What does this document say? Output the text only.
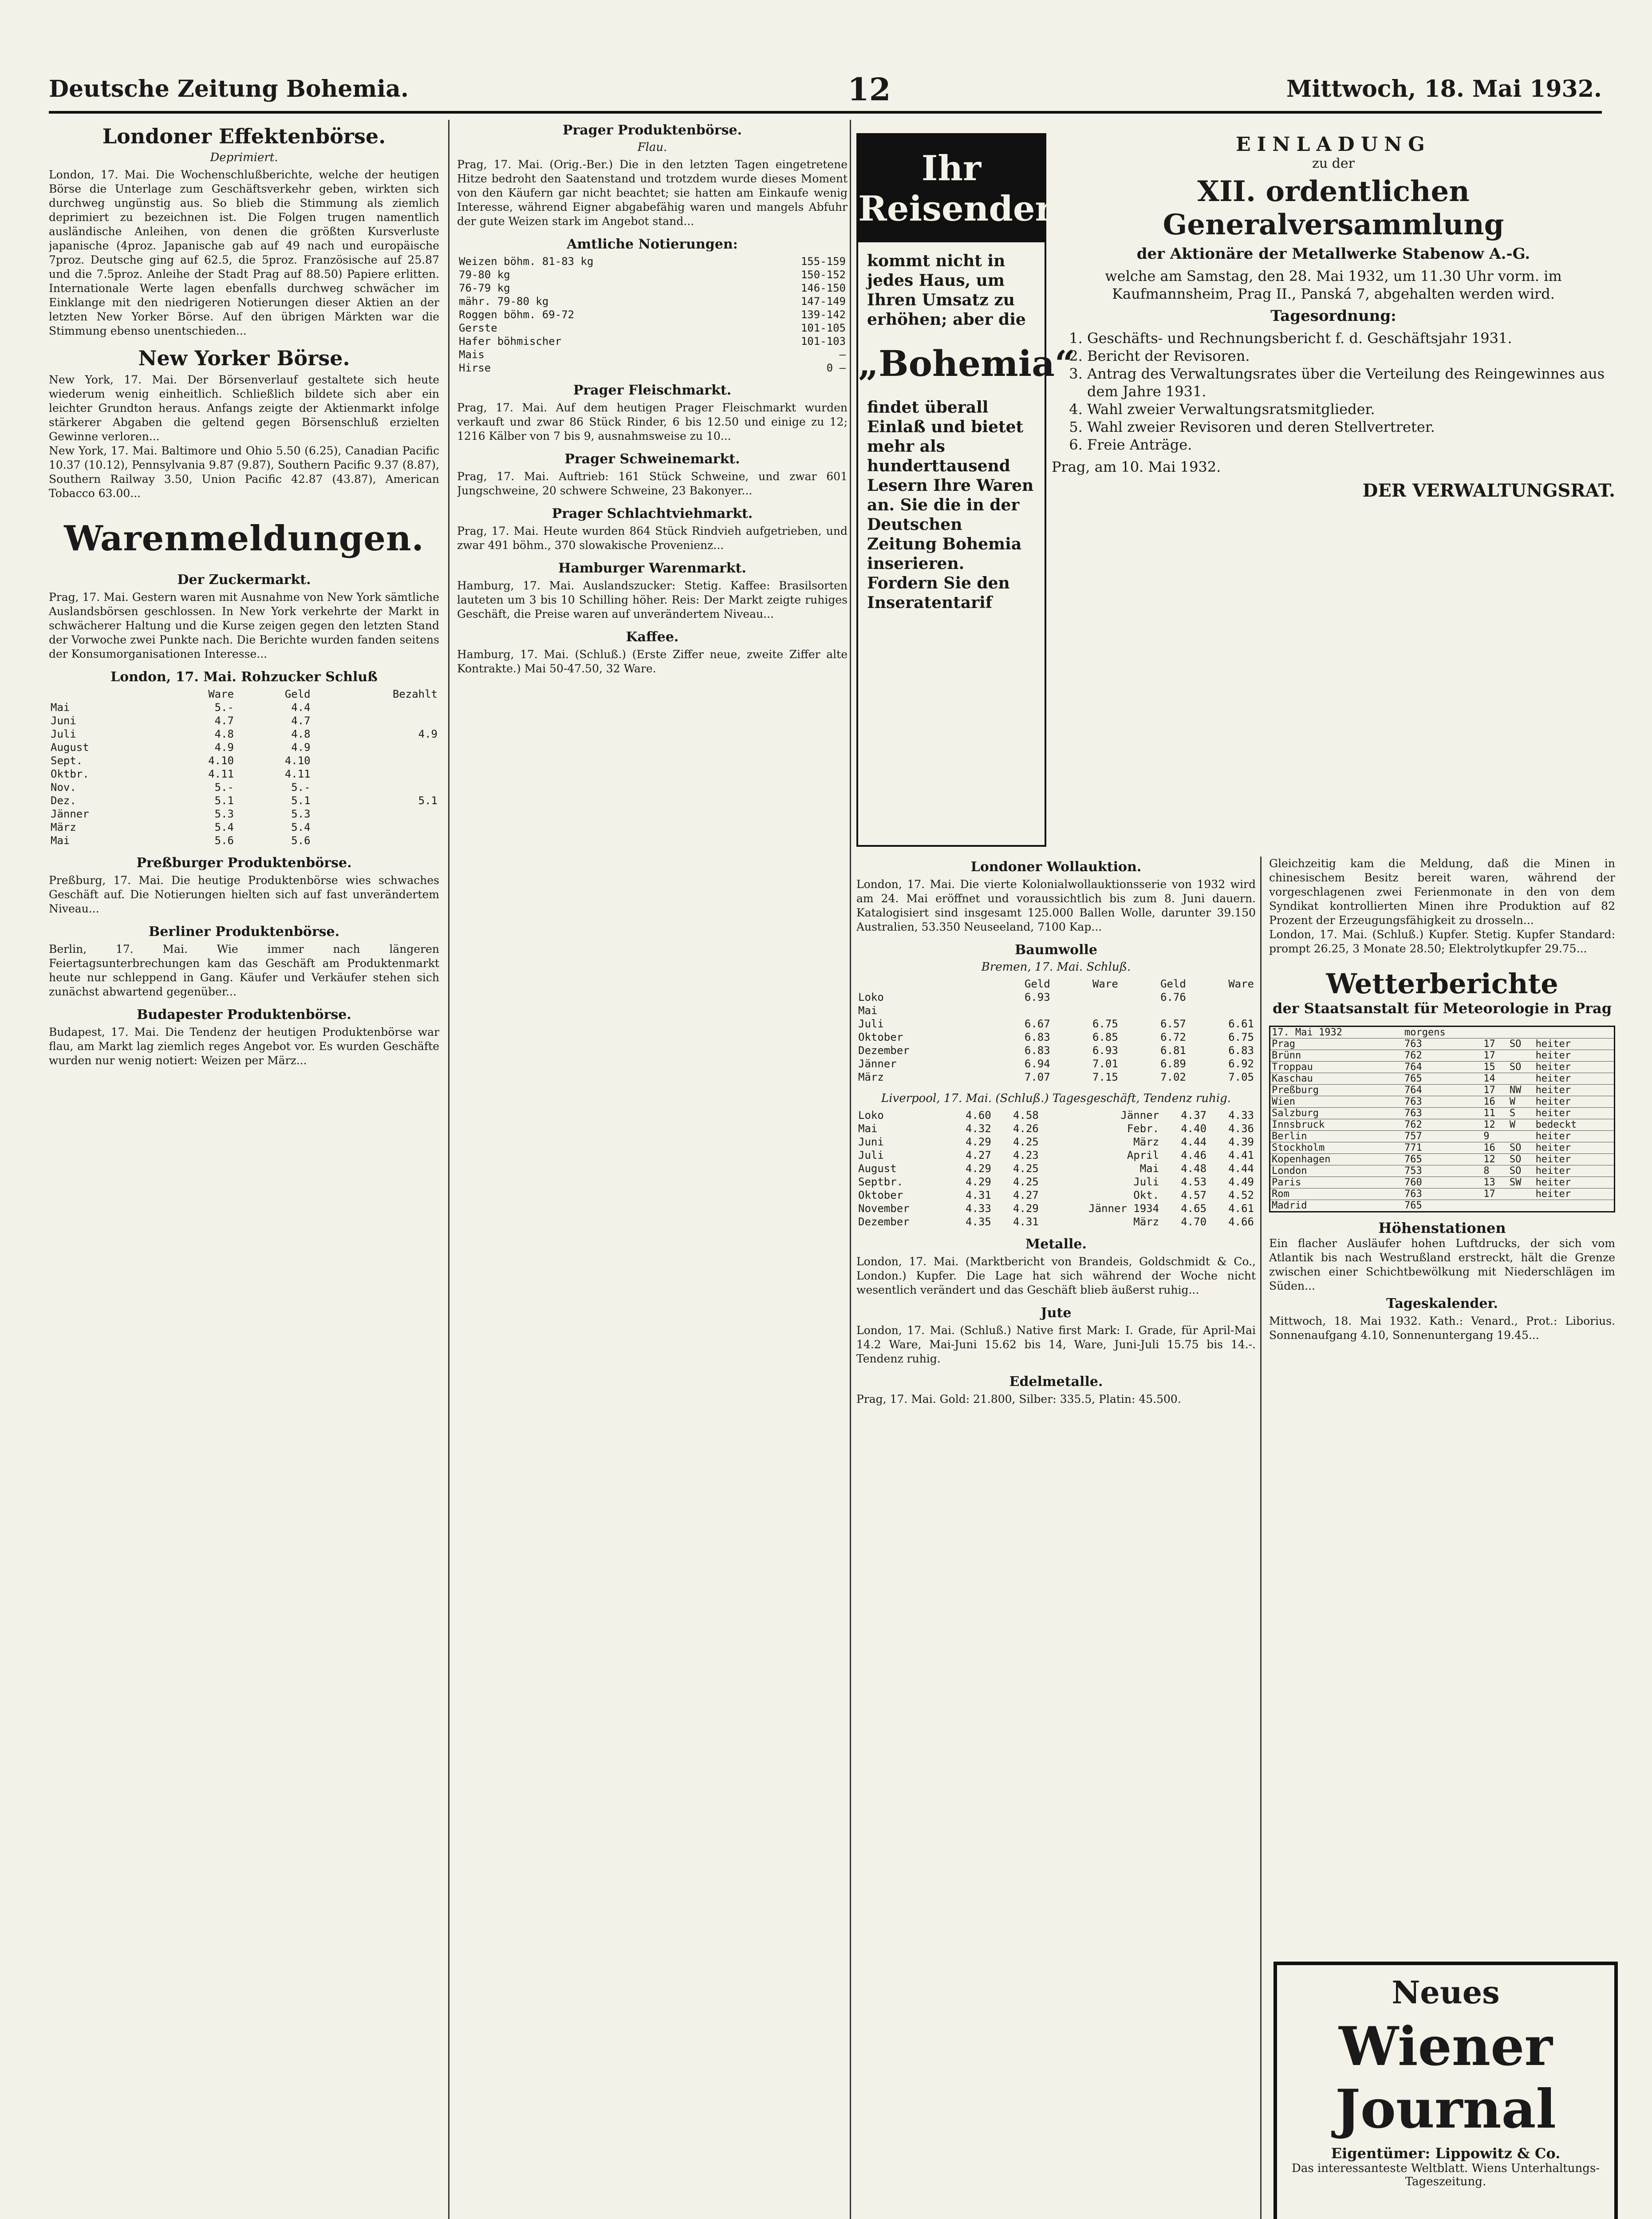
Deutsche Zeitung Bohemia.	12	Mittwoch, 18. Mai 1932.
Londoner Effektenbörse.
Deprimiert.

London, 17. Mai. Die Wochenschlußberichte, welche der heutigen Börse die Unterlage zum Geschäftsverkehr geben, wirkten sich durchweg ungünstig aus. So blieb die Stimmung als ziemlich deprimiert zu bezeichnen ist. Die Folgen trugen namentlich ausländische Anleihen, von denen die größten Kursverluste japanische (4proz. Japanische gab auf 49 nach und europäische 7proz. Deutsche ging auf 62.5, die 5proz. Französische auf 25.87 und die 7.5proz. Anleihe der Stadt Prag auf 88.50) Papiere erlitten. Internationale Werte lagen ebenfalls durchweg schwächer im Einklange mit den niedrigeren Notierungen dieser Aktien an der letzten New Yorker Börse. Auf den übrigen Märkten war die Stimmung ebenso unentschieden...

New Yorker Börse.

New York, 17. Mai. Der Börsenverlauf gestaltete sich heute wiederum wenig einheitlich. Schließlich bildete sich aber ein leichter Grundton heraus. Anfangs zeigte der Aktienmarkt infolge stärkerer Abgaben die geltend gegen Börsenschluß erzielten Gewinne verloren...

New York, 17. Mai. Baltimore und Ohio 5.50 (6.25), Canadian Pacific 10.37 (10.12), Pennsylvania 9.87 (9.87), Southern Pacific 9.37 (8.87), Southern Railway 3.50, Union Pacific 42.87 (43.87), American Tobacco 63.00...

Warenmeldungen.
Der Zuckermarkt.

Prag, 17. Mai. Gestern waren mit Ausnahme von New York sämtliche Auslandsbörsen geschlossen. In New York verkehrte der Markt in schwächerer Haltung und die Kurse zeigen gegen den letzten Stand der Vorwoche zwei Punkte nach. Die Berichte wurden fanden seitens der Konsumorganisationen Interesse...

London, 17. Mai. Rohzucker Schluß
	Ware	Geld	Bezahlt
Mai	5.-	4.4	
Juni	4.7	4.7	
Juli	4.8	4.8	4.9
August	4.9	4.9	
Sept.	4.10	4.10	
Oktbr.	4.11	4.11	
Nov.	5.-	5.-	
Dez.	5.1	5.1	5.1
Jänner	5.3	5.3	
März	5.4	5.4	
Mai	5.6	5.6	
Preßburger Produktenbörse.

Preßburg, 17. Mai. Die heutige Produktenbörse wies schwaches Geschäft auf. Die Notierungen hielten sich auf fast unverändertem Niveau...

Berliner Produktenbörse.

Berlin, 17. Mai. Wie immer nach längeren Feiertagsunterbrechungen kam das Geschäft am Produktenmarkt heute nur schleppend in Gang. Käufer und Verkäufer stehen sich zunächst abwartend gegenüber...

Budapester Produktenbörse.

Budapest, 17. Mai. Die Tendenz der heutigen Produktenbörse war flau, am Markt lag ziemlich reges Angebot vor. Es wurden Geschäfte wurden nur wenig notiert: Weizen per März...

Prager Produktenbörse.
Flau.

Prag, 17. Mai. (Orig.-Ber.) Die in den letzten Tagen eingetretene Hitze bedroht den Saatenstand und trotzdem wurde dieses Moment von den Käufern gar nicht beachtet; sie hatten am Einkaufe wenig Interesse, während Eigner abgabefähig waren und mangels Abfuhr der gute Weizen stark im Angebot stand...

Amtliche Notierungen:
Weizen böhm. 81-83 kg	155-159
79-80 kg	150-152
76-79 kg	146-150
mähr. 79-80 kg	147-149
Roggen böhm. 69-72	139-142
Gerste	101-105
Hafer böhmischer	101-103
Mais	—
Hirse	0 —
Prager Fleischmarkt.

Prag, 17. Mai. Auf dem heutigen Prager Fleischmarkt wurden verkauft und zwar 86 Stück Rinder, 6 bis 12.50 und einige zu 12; 1216 Kälber von 7 bis 9, ausnahmsweise zu 10...

Prager Schweinemarkt.

Prag, 17. Mai. Auftrieb: 161 Stück Schweine, und zwar 601 Jungschweine, 20 schwere Schweine, 23 Bakonyer...

Prager Schlachtviehmarkt.

Prag, 17. Mai. Heute wurden 864 Stück Rindvieh aufgetrieben, und zwar 491 böhm., 370 slowakische Provenienz...

Hamburger Warenmarkt.

Hamburg, 17. Mai. Auslandszucker: Stetig. Kaffee: Brasilsorten lauteten um 3 bis 10 Schilling höher. Reis: Der Markt zeigte ruhiges Geschäft, die Preise waren auf unverändertem Niveau...

Kaffee.

Hamburg, 17. Mai. (Schluß.) (Erste Ziffer neue, zweite Ziffer alte Kontrakte.) Mai 50-47.50, 32 Ware.

Ihr Reisender

kommt nicht in jedes Haus, um Ihren Umsatz zu erhöhen; aber die

„Bohemia“

findet überall Einlaß und bietet mehr als hunderttausend Lesern Ihre Waren an. Sie die in der Deutschen Zeitung Bohemia inserieren. Fordern Sie den Inseratentarif

EINLADUNG
zu der
XII. ordentlichen Generalversammlung
der Aktionäre der Metallwerke Stabenow A.-G.

welche am Samstag, den 28. Mai 1932, um 11.30 Uhr vorm. im Kaufmannsheim, Prag II., Panská 7, abgehalten werden wird.

Tagesordnung:
1. Geschäfts- und Rechnungsbericht f. d. Geschäftsjahr 1931.
2. Bericht der Revisoren.
3. Antrag des Verwaltungsrates über die Verteilung des Reingewinnes aus dem Jahre 1931.
4. Wahl zweier Verwaltungsratsmitglieder.
5. Wahl zweier Revisoren und deren Stellvertreter.
6. Freie Anträge.

Prag, am 10. Mai 1932.

DER VERWALTUNGSRAT.
Londoner Wollauktion.

London, 17. Mai. Die vierte Kolonialwollauktionsserie von 1932 wird am 24. Mai eröffnet und voraussichtlich bis zum 8. Juni dauern. Katalogisiert sind insgesamt 125.000 Ballen Wolle, darunter 39.150 Australien, 53.350 Neuseeland, 7100 Kap...

Baumwolle
Bremen, 17. Mai. Schluß.
	Geld	Ware	Geld	Ware
Loko	6.93		6.76	
Mai				
Juli	6.67	6.75	6.57	6.61
Oktober	6.83	6.85	6.72	6.75
Dezember	6.83	6.93	6.81	6.83
Jänner	6.94	7.01	6.89	6.92
März	7.07	7.15	7.02	7.05
Liverpool, 17. Mai. (Schluß.) Tagesgeschäft, Tendenz ruhig.
Loko	4.60	4.58	Jänner	4.37	4.33
Mai	4.32	4.26	Febr.	4.40	4.36
Juni	4.29	4.25	März	4.44	4.39
Juli	4.27	4.23	April	4.46	4.41
August	4.29	4.25	Mai	4.48	4.44
Septbr.	4.29	4.25	Juli	4.53	4.49
Oktober	4.31	4.27	Okt.	4.57	4.52
November	4.33	4.29	Jänner 1934	4.65	4.61
Dezember	4.35	4.31	März	4.70	4.66
Metalle.

London, 17. Mai. (Marktbericht von Brandeis, Goldschmidt & Co., London.) Kupfer. Die Lage hat sich während der Woche nicht wesentlich verändert und das Geschäft blieb äußerst ruhig...

Jute

London, 17. Mai. (Schluß.) Native first Mark: I. Grade, für April-Mai 14.2 Ware, Mai-Juni 15.62 bis 14, Ware, Juni-Juli 15.75 bis 14.-. Tendenz ruhig.

Edelmetalle.

Prag, 17. Mai. Gold: 21.800, Silber: 335.5, Platin: 45.500.

Gleichzeitig kam die Meldung, daß die Minen in chinesischem Besitz bereit waren, während der vorgeschlagenen zwei Ferienmonate in den von dem Syndikat kontrollierten Minen ihre Produktion auf 82 Prozent der Erzeugungsfähigkeit zu drosseln...

London, 17. Mai. (Schluß.) Kupfer. Stetig. Kupfer Standard: prompt 26.25, 3 Monate 28.50; Elektrolytkupfer 29.75...

Wetterberichte
der Staatsanstalt für Meteorologie in Prag
17. Mai 1932	morgens			
Prag	763	17	SO	heiter
Brünn	762	17		heiter
Troppau	764	15	SO	heiter
Kaschau	765	14		heiter
Preßburg	764	17	NW	heiter
Wien	763	16	W	heiter
Salzburg	763	11	S	heiter
Innsbruck	762	12	W	bedeckt
Berlin	757	9		heiter
Stockholm	771	16	SO	heiter
Kopenhagen	765	12	SO	heiter
London	753	8	SO	heiter
Paris	760	13	SW	heiter
Rom	763	17		heiter
Madrid	765			
Höhenstationen

Ein flacher Ausläufer hohen Luftdrucks, der sich vom Atlantik bis nach Westrußland erstreckt, hält die Grenze zwischen einer Schichtbewölkung mit Niederschlägen im Süden...

Tageskalender.

Mittwoch, 18. Mai 1932. Kath.: Venard., Prot.: Liborius. Sonnenaufgang 4.10, Sonnenuntergang 19.45...

Neues
Wiener Journal
Eigentümer: Lippowitz & Co.
Das interessanteste Weltblatt. Wiens Unterhaltungs- Tageszeitung.
